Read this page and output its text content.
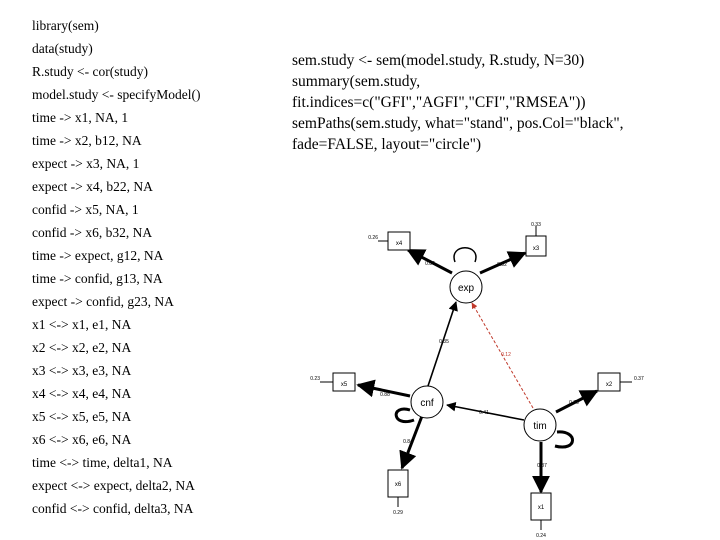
library(sem)
data(study)
R.study <- cor(study)
model.study <- specifyModel()
time -> x1, NA, 1
time -> x2, b12, NA
expect -> x3, NA, 1
expect -> x4, b22, NA
confid -> x5, NA, 1
confid -> x6, b32, NA
time -> expect, g12, NA
time -> confid, g13, NA
expect -> confid, g23, NA
x1 <-> x1, e1, NA
x2 <-> x2, e2, NA
x3 <-> x3, e3, NA
x4 <-> x4, e4, NA
x5 <-> x5, e5, NA
x6 <-> x6, e6, NA
time <-> time, delta1, NA
expect <-> expect, delta2, NA
confid <-> confid, delta3, NA
sem.study <- sem(model.study, R.study, N=30)
summary(sem.study,
fit.indices=c("GFI","AGFI","CFI","RMSEA"))
semPaths(sem.study, what="stand", pos.Col="black",
fade=FALSE, layout="circle")
x4
x3
x5	x2
x6
x1
exp
cnf
tim
0.86	0.82
0.88
0.84
0.79
0.87
0.35
0.41
0.12
0.26
0.33
0.23	0.37
0.29
0.24
